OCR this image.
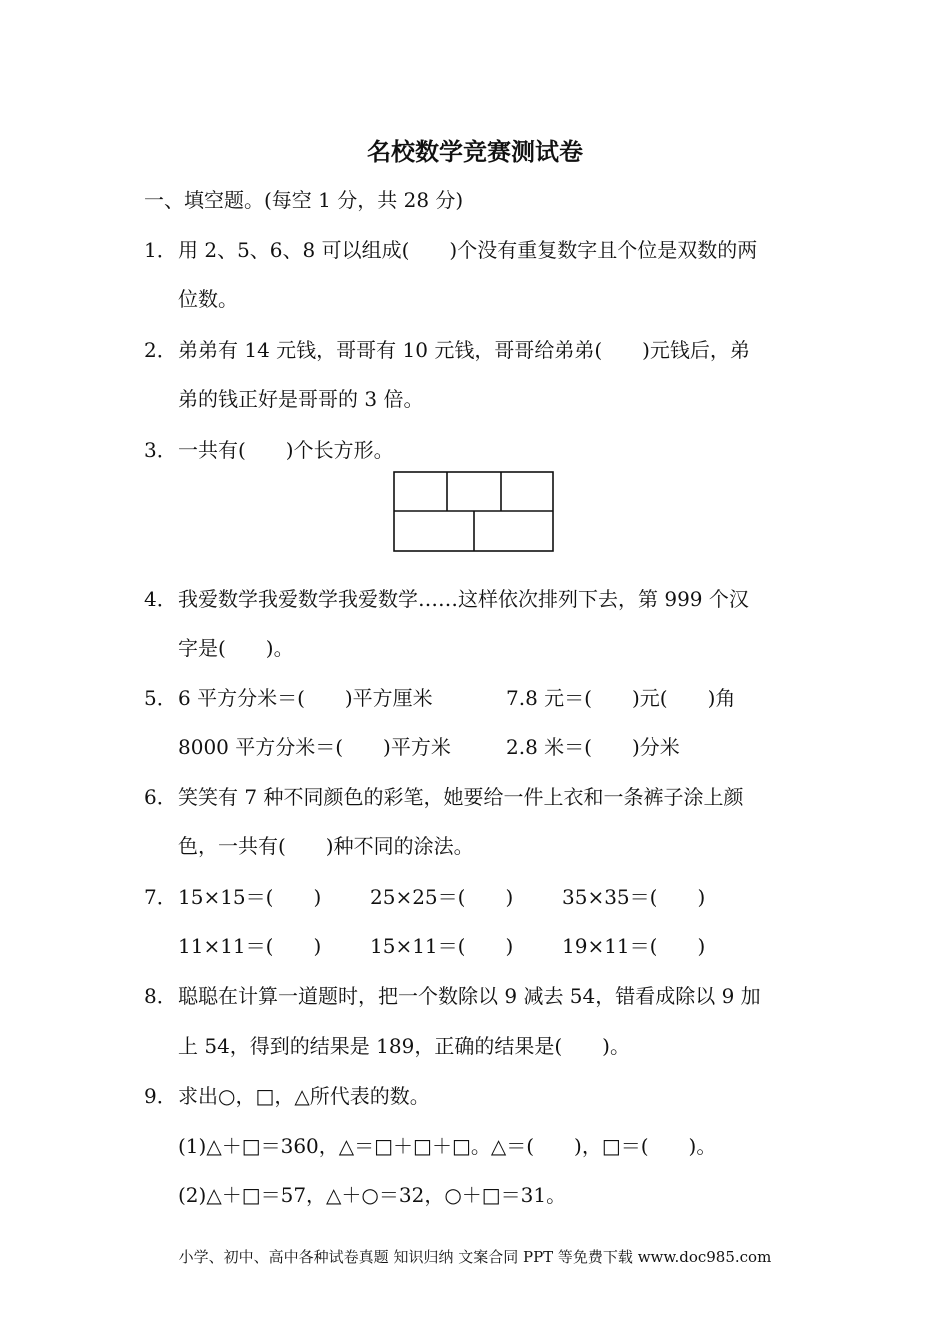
名校数学竞赛测试卷
一、填空题。(每空 1 分，共 28 分)
1． 用 2、5、6、8 可以组成(　　)个没有重复数字且个位是双数的两
位数。
2． 弟弟有 14 元钱，哥哥有 10 元钱，哥哥给弟弟(　　)元钱后，弟
弟的钱正好是哥哥的 3 倍。
3． 一共有(　　)个长方形。
4． 我爱数学我爱数学我爱数学……这样依次排列下去，第 999 个汉
字是(　　)。
5． 6 平方分米＝(　　)平方厘米	7.8 元＝(　　)元(　　)角
8000 平方分米＝(　　)平方米	2.8 米＝(　　)分米
6． 笑笑有 7 种不同颜色的彩笔，她要给一件上衣和一条裤子涂上颜
色，一共有(　　)种不同的涂法。
7． 15×15＝(　　) 25×25＝(　　) 35×35＝(　　)
11×11＝(　　) 15×11＝(　　) 19×11＝(　　)
8． 聪聪在计算一道题时，把一个数除以 9 减去 54，错看成除以 9 加
上 54，得到的结果是 189，正确的结果是(　　)。
9． 求出○，□，△所代表的数。
(1)△＋□＝360，△＝□＋□＋□。△＝(　　)，□＝(　　)。
(2)△＋□＝57，△＋○＝32，○＋□＝31。
小学、初中、高中各种试卷真题 知识归纳 文案合同 PPT 等免费下载 www.doc985.com
